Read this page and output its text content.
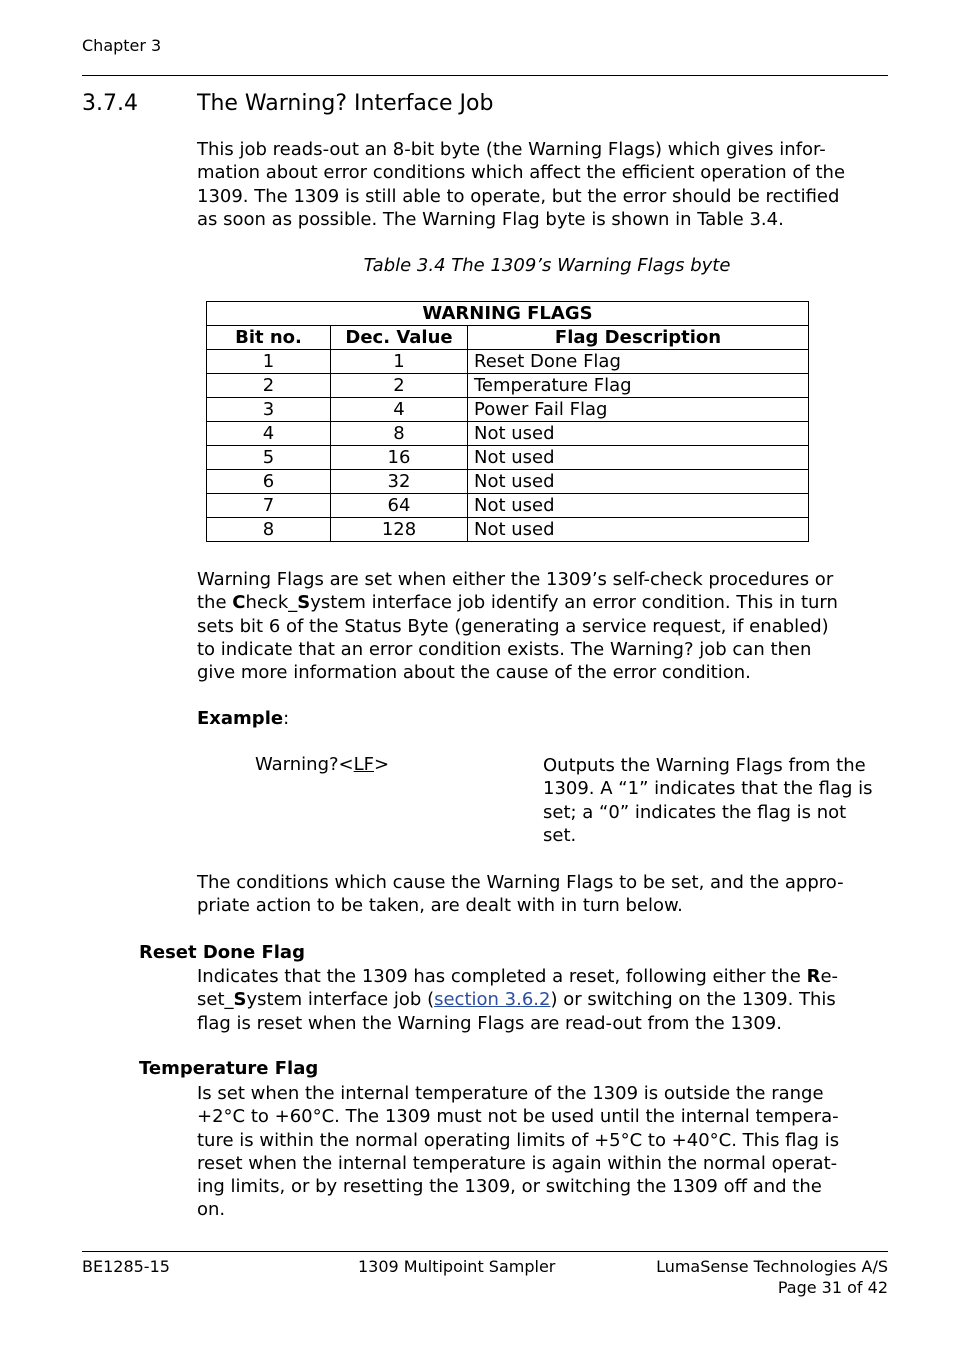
Chapter 3
3.7.4	The Warning? Interface Job
This job reads-out an 8-bit byte (the Warning Flags) which gives infor-
mation about error conditions which affect the efficient operation of the
1309. The 1309 is still able to operate, but the error should be rectified
as soon as possible. The Warning Flag byte is shown in Table 3.4.
Table 3.4 The 1309’s Warning Flags byte
WARNING FLAGS		
Bit no.	Dec. Value	Flag Description
1	1	Reset Done Flag
2	2	Temperature Flag
3	4	Power Fail Flag
4	8	Not used
5	16	Not used
6	32	Not used
7	64	Not used
8	128	Not used
Warning Flags are set when either the 1309’s self-check procedures or
the Check_System interface job identify an error condition. This in turn
sets bit 6 of the Status Byte (generating a service request, if enabled)
to indicate that an error condition exists. The Warning? job can then
give more information about the cause of the error condition.
Example:
Warning?<LF>	Outputs the Warning Flags from the
1309. A “1” indicates that the flag is
set; a “0” indicates the flag is not
set.
The conditions which cause the Warning Flags to be set, and the appro-
priate action to be taken, are dealt with in turn below.
Reset Done Flag
Indicates that the 1309 has completed a reset, following either the Re-
set_System interface job (section 3.6.2) or switching on the 1309. This
flag is reset when the Warning Flags are read-out from the 1309.
Temperature Flag
Is set when the internal temperature of the 1309 is outside the range
+2°C to +60°C. The 1309 must not be used until the internal tempera-
ture is within the normal operating limits of +5°C to +40°C. This flag is
reset when the internal temperature is again within the normal operat-
ing limits, or by resetting the 1309, or switching the 1309 off and the
on.
BE1285-15	1309 Multipoint Sampler	LumaSense Technologies A/S
Page 31 of 42
